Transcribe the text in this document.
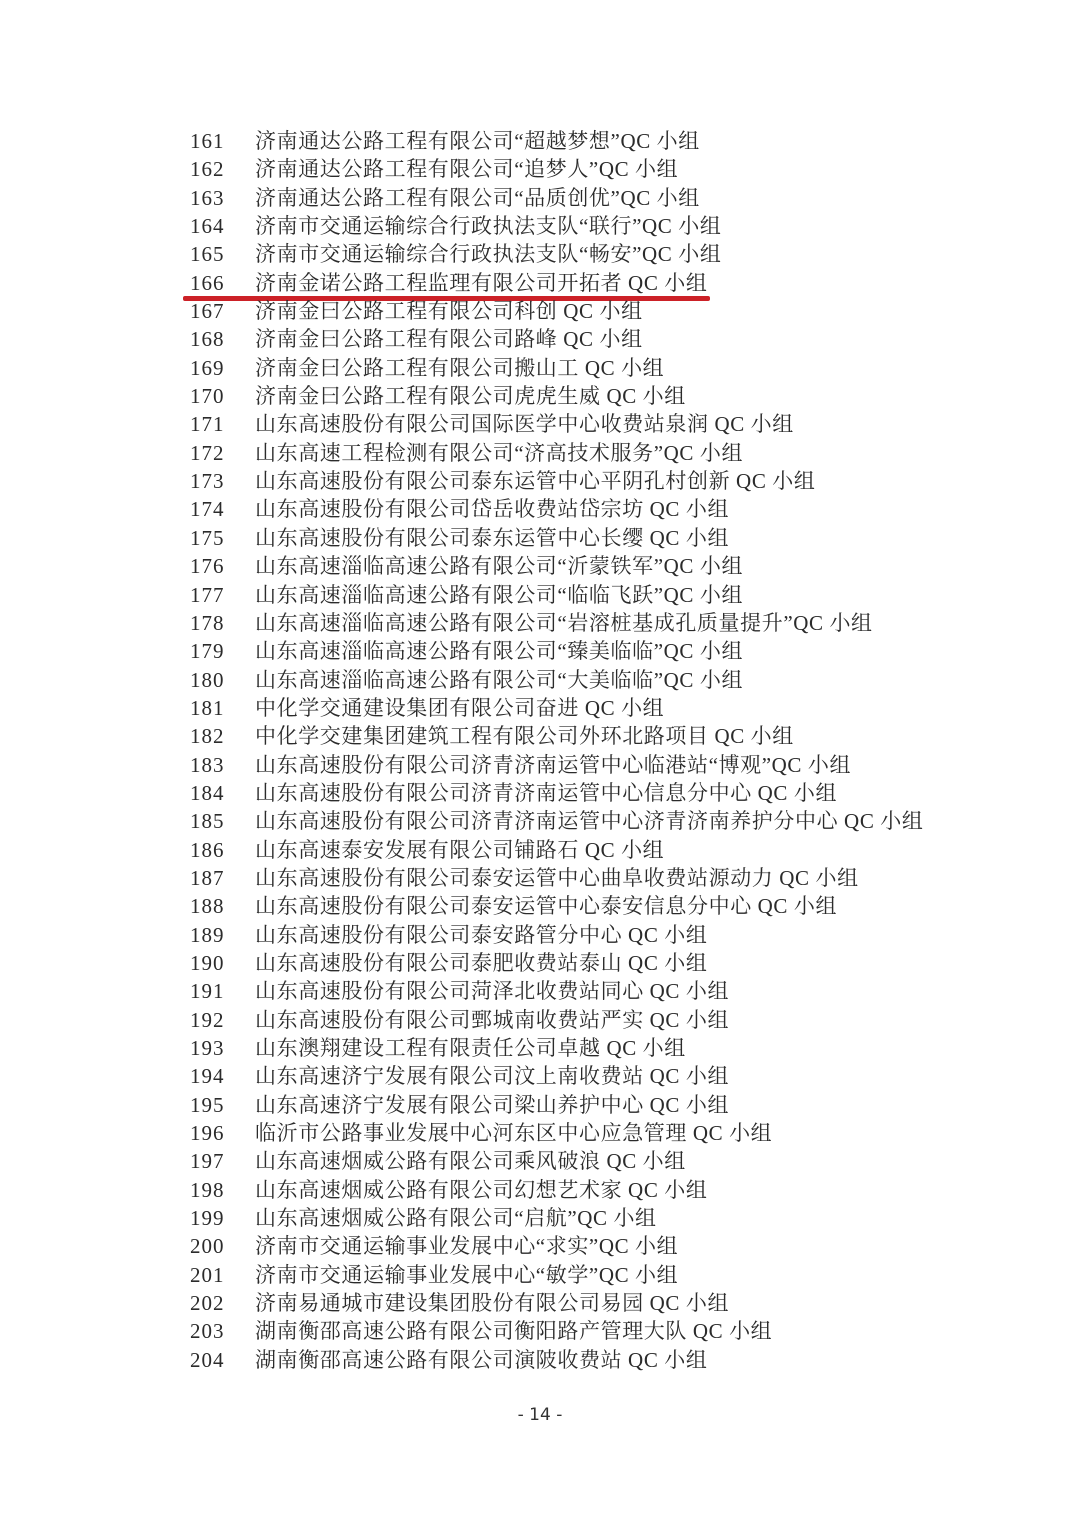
161	济南通达公路工程有限公司“超越梦想”QC 小组
162	济南通达公路工程有限公司“追梦人”QC 小组
163	济南通达公路工程有限公司“品质创优”QC 小组
164	济南市交通运输综合行政执法支队“联行”QC 小组
165	济南市交通运输综合行政执法支队“畅安”QC 小组
166	济南金诺公路工程监理有限公司开拓者 QC 小组
167	济南金曰公路工程有限公司科创 QC 小组
168	济南金曰公路工程有限公司路峰 QC 小组
169	济南金曰公路工程有限公司搬山工 QC 小组
170	济南金曰公路工程有限公司虎虎生威 QC 小组
171	山东高速股份有限公司国际医学中心收费站泉润 QC 小组
172	山东高速工程检测有限公司“济高技术服务”QC 小组
173	山东高速股份有限公司泰东运管中心平阴孔村创新 QC 小组
174	山东高速股份有限公司岱岳收费站岱宗坊 QC 小组
175	山东高速股份有限公司泰东运管中心长缨 QC 小组
176	山东高速淄临高速公路有限公司“沂蒙铁军”QC 小组
177	山东高速淄临高速公路有限公司“临临飞跃”QC 小组
178	山东高速淄临高速公路有限公司“岩溶桩基成孔质量提升”QC 小组
179	山东高速淄临高速公路有限公司“臻美临临”QC 小组
180	山东高速淄临高速公路有限公司“大美临临”QC 小组
181	中化学交通建设集团有限公司奋进 QC 小组
182	中化学交建集团建筑工程有限公司外环北路项目 QC 小组
183	山东高速股份有限公司济青济南运管中心临港站“博观”QC 小组
184	山东高速股份有限公司济青济南运管中心信息分中心 QC 小组
185	山东高速股份有限公司济青济南运管中心济青济南养护分中心 QC 小组
186	山东高速泰安发展有限公司铺路石 QC 小组
187	山东高速股份有限公司泰安运管中心曲阜收费站源动力 QC 小组
188	山东高速股份有限公司泰安运管中心泰安信息分中心 QC 小组
189	山东高速股份有限公司泰安路管分中心 QC 小组
190	山东高速股份有限公司泰肥收费站泰山 QC 小组
191	山东高速股份有限公司菏泽北收费站同心 QC 小组
192	山东高速股份有限公司鄄城南收费站严实 QC 小组
193	山东澳翔建设工程有限责任公司卓越 QC 小组
194	山东高速济宁发展有限公司汶上南收费站 QC 小组
195	山东高速济宁发展有限公司梁山养护中心 QC 小组
196	临沂市公路事业发展中心河东区中心应急管理 QC 小组
197	山东高速烟威公路有限公司乘风破浪 QC 小组
198	山东高速烟威公路有限公司幻想艺术家 QC 小组
199	山东高速烟威公路有限公司“启航”QC 小组
200	济南市交通运输事业发展中心“求实”QC 小组
201	济南市交通运输事业发展中心“敏学”QC 小组
202	济南易通城市建设集团股份有限公司易园 QC 小组
203	湖南衡邵高速公路有限公司衡阳路产管理大队 QC 小组
204	湖南衡邵高速公路有限公司演陂收费站 QC 小组
- 14 -
